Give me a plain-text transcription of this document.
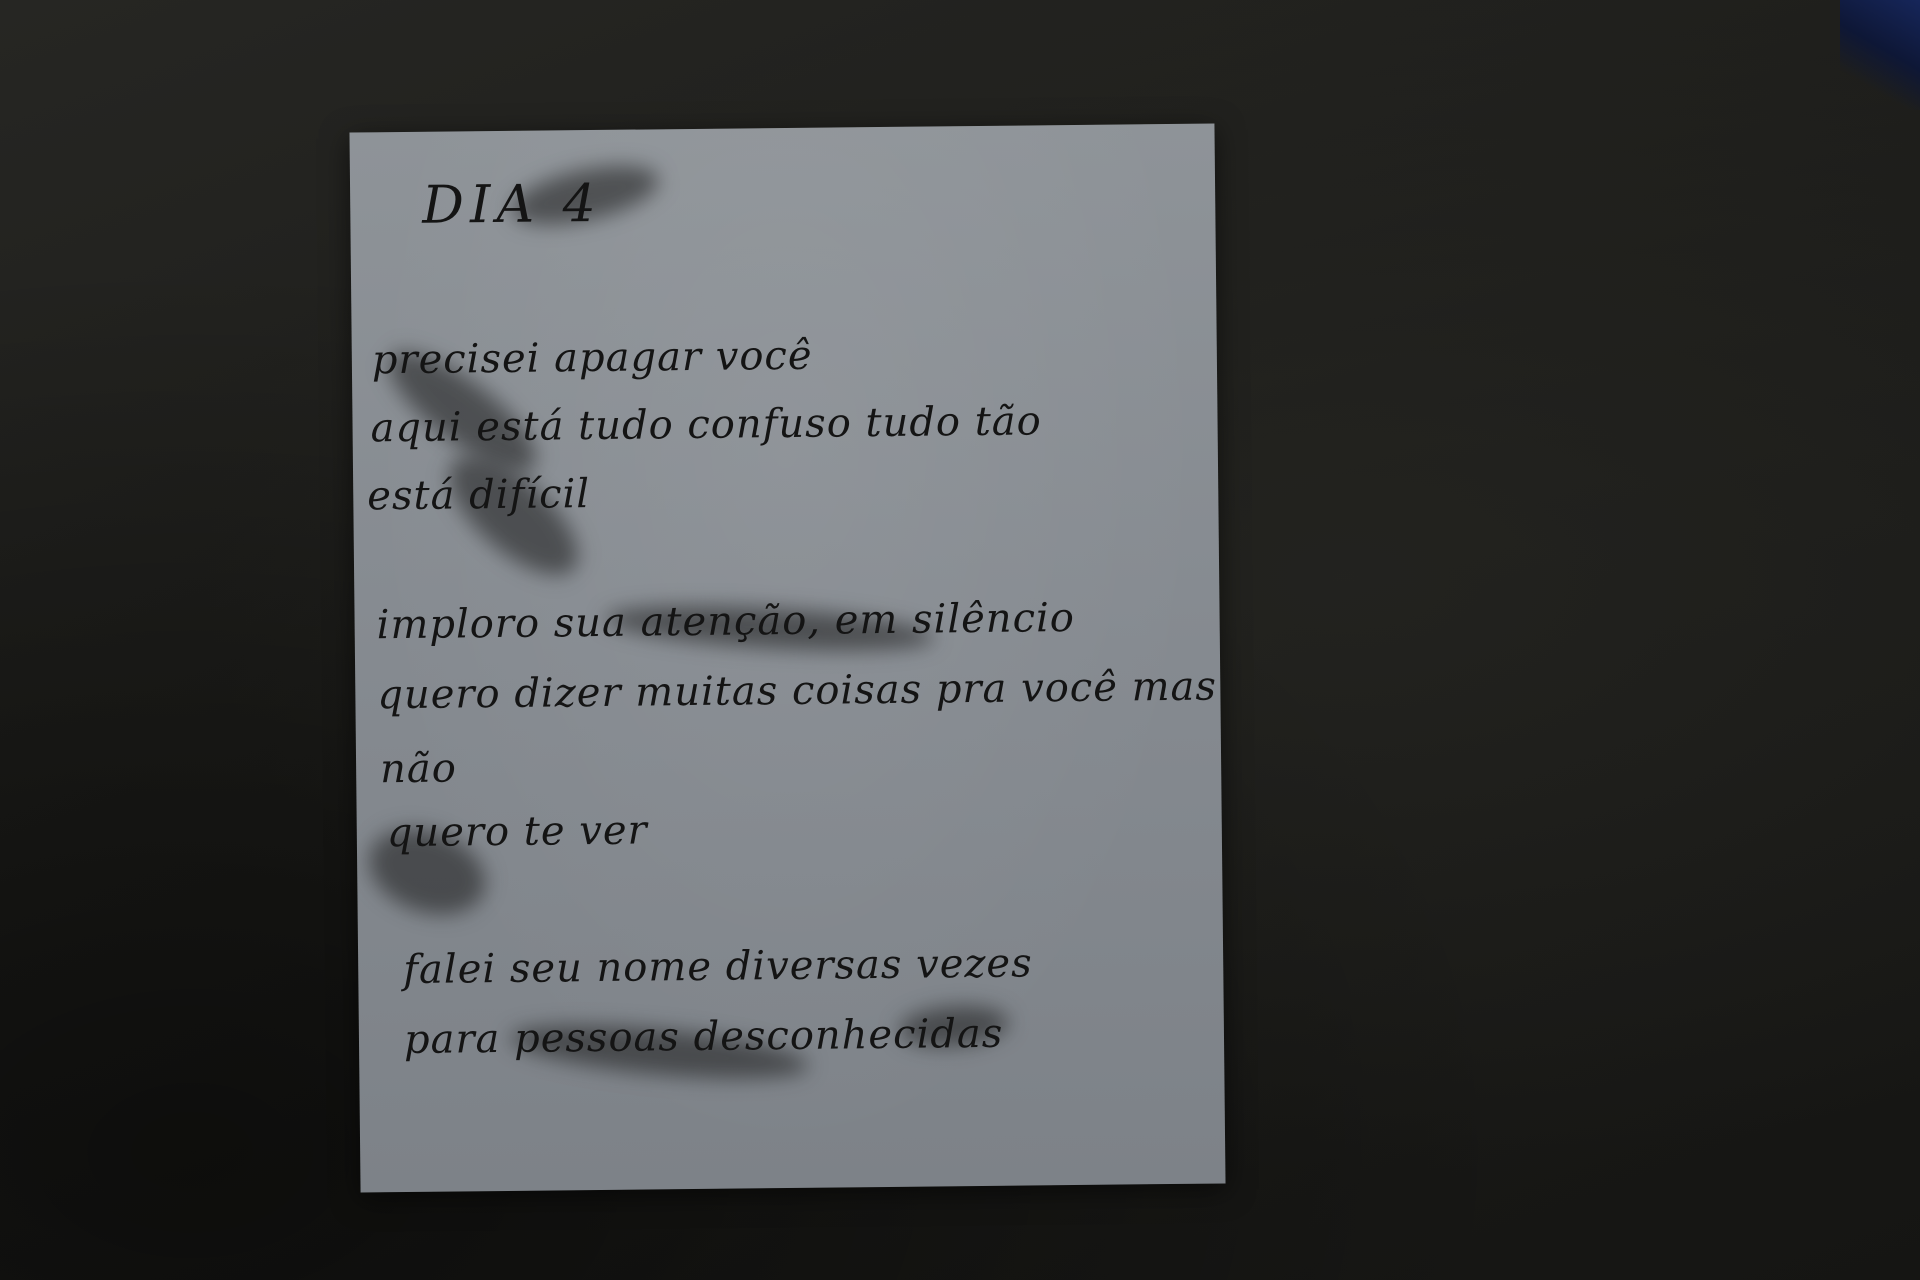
DIA 4
precisei apagar você
aqui está tudo confuso tudo tão
está difícil
imploro sua atenção, em silêncio
quero dizer muitas coisas pra você mas
não
quero te ver
falei seu nome diversas vezes
para pessoas desconhecidas
